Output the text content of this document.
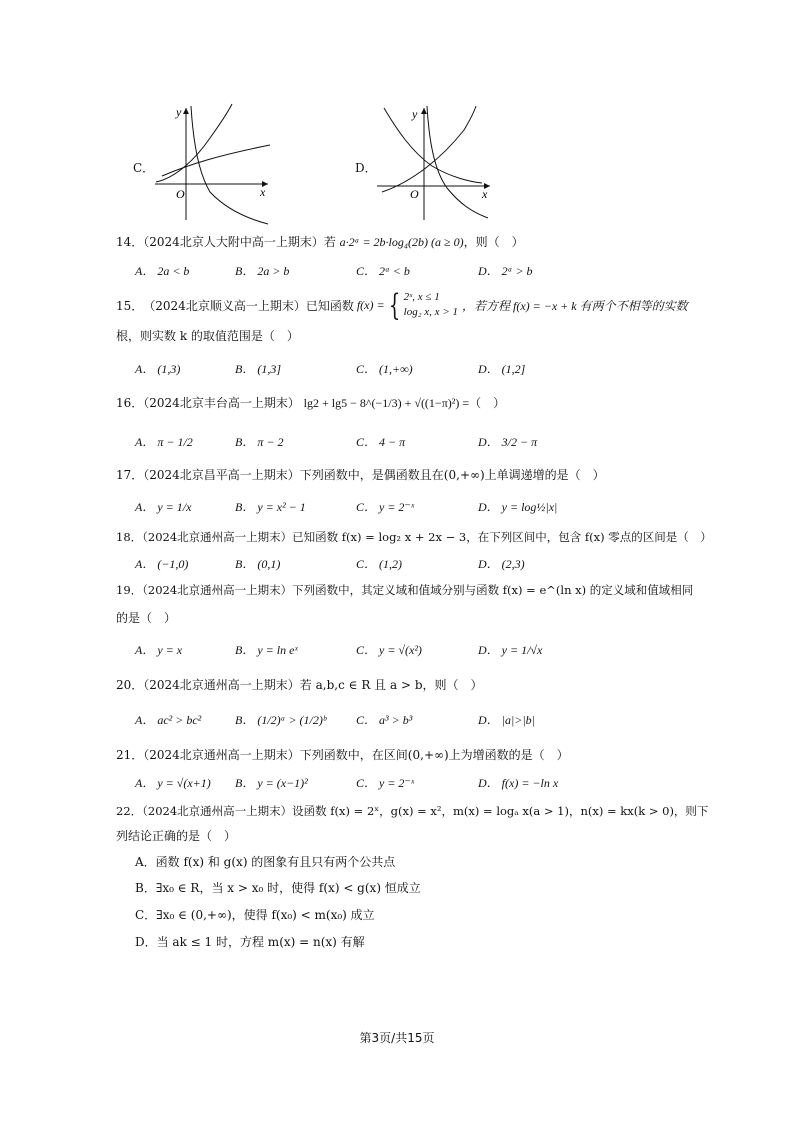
C．
y
x
O
D．
y
x
O
14．（2024北京人大附中高一上期末）若 a·2ᵃ = 2b·log₄(2b) (a ≥ 0)，则（　）
A． 2a < b	B． 2a > b	C． 2ᵃ < b	D． 2ᵃ > b
15． （2024北京顺义高一上期末）已知函数 f(x) = { 2ˣ, x ≤ 1
log₂ x, x > 1 ，若方程 f(x) = −x + k 有两个不相等的实数
根，则实数 k 的取值范围是（　）
A． (1,3)	B． (1,3]	C． (1,+∞)	D． (1,2]
16．（2024北京丰台高一上期末） lg2 + lg5 − 8^(−1/3) + √((1−π)²) =（　）
A． π − 1/2	B． π − 2	C． 4 − π	D． 3/2 − π
17．（2024北京昌平高一上期末）下列函数中，是偶函数且在(0,+∞)上单调递增的是（　）
A． y = 1/x	B． y = x² − 1	C． y = 2⁻ˣ	D． y = log½|x|
18．（2024北京通州高一上期末）已知函数 f(x) = log₂ x + 2x − 3，在下列区间中，包含 f(x) 零点的区间是（　）
A． (−1,0)	B． (0,1)	C． (1,2)	D． (2,3)
19．（2024北京通州高一上期末）下列函数中，其定义域和值域分别与函数 f(x) = e^(ln x) 的定义域和值域相同
的是（　）
A． y = x	B． y = ln eˣ	C． y = √(x²)	D． y = 1/√x
20．（2024北京通州高一上期末）若 a,b,c ∈ R 且 a > b，则（　）
A． ac² > bc²	B． (1/2)ᵃ > (1/2)ᵇ C． a³ > b³	D． |a|>|b|
21．（2024北京通州高一上期末）下列函数中，在区间(0,+∞)上为增函数的是（　）
A． y = √(x+1) B． y = (x−1)²	C． y = 2⁻ˣ	D． f(x) = −ln x
22．（2024北京通州高一上期末）设函数 f(x) = 2ˣ，g(x) = x²，m(x) = logₐ x(a > 1)，n(x) = kx(k > 0)，则下
列结论正确的是（　）
A．函数 f(x) 和 g(x) 的图象有且只有两个公共点
B．∃x₀ ∈ R，当 x > x₀ 时，使得 f(x) < g(x) 恒成立
C．∃x₀ ∈ (0,+∞)，使得 f(x₀) < m(x₀) 成立
D．当 ak ≤ 1 时，方程 m(x) = n(x) 有解
第3页/共15页
